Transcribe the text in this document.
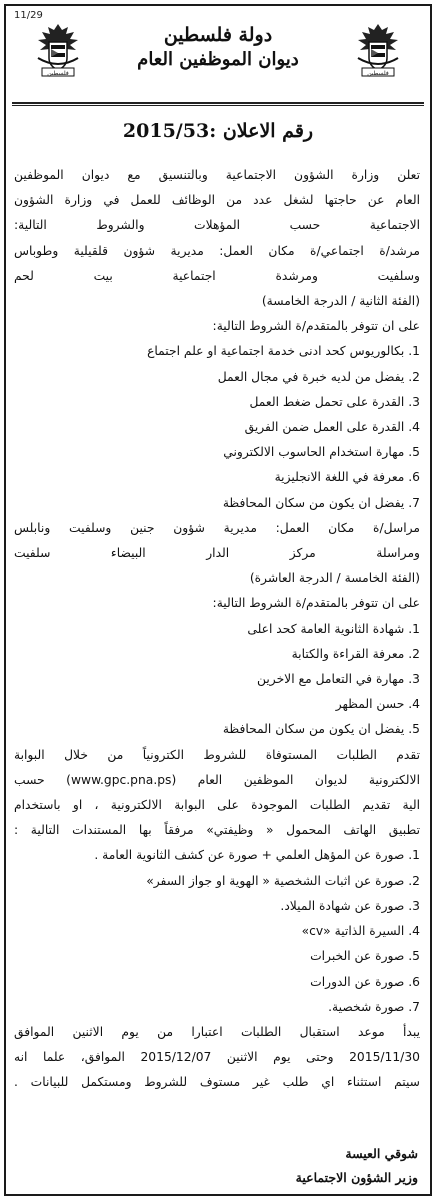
11/29
فلسطين	فلسطين
دولة فلسطين
ديوان الموظفين العام
رقم الاعلان :2015/53

تعلن وزارة الشؤون الاجتماعية وبالتنسيق مع ديوان الموظفين

العام عن حاجتها لشغل عدد من الوظائف للعمل في وزارة الشؤون

الاجتماعية حسب المؤهلات والشروط التالية:

مرشد/ة اجتماعي/ة مكان العمل: مديرية شؤون قلقيلية وطوباس

وسلفيت ومرشدة اجتماعية بيت لحم

(الفئة الثانية / الدرجة الخامسة)

على ان تتوفر بالمتقدم/ة الشروط التالية:

1. بكالوريوس كحد ادنى خدمة اجتماعية او علم اجتماع

2. يفضل من لديه خبرة في مجال العمل

3. القدرة على تحمل ضغط العمل

4. القدرة على العمل ضمن الفريق

5. مهارة استخدام الحاسوب الالكتروني

6. معرفة في اللغة الانجليزية

7. يفضل ان يكون من سكان المحافظة

مراسل/ة مكان العمل: مديرية شؤون جنين وسلفيت ونابلس

ومراسلة مركز الدار البيضاء سلفيت

(الفئة الخامسة / الدرجة العاشرة)

على ان تتوفر بالمتقدم/ة الشروط التالية:

1. شهادة الثانوية العامة كحد اعلى

2. معرفة القراءة والكتابة

3. مهارة في التعامل مع الاخرين

4. حسن المظهر

5. يفضل ان يكون من سكان المحافظة

تقدم الطلبات المستوفاة للشروط الكترونياً من خلال البوابة

الالكترونية لديوان الموظفين العام (www.gpc.pna.ps) حسب

الية تقديم الطلبات الموجودة على البوابة الالكترونية ، او باستخدام

تطبيق الهاتف المحمول « وظيفتي» مرفقاً بها المستندات التالية :

1. صورة عن المؤهل العلمي + صورة عن كشف الثانوية العامة .

2. صورة عن اثبات الشخصية « الهوية او جواز السفر»

3. صورة عن شهادة الميلاد.

4. السيرة الذاتية «cv»

5. صورة عن الخبرات

6. صورة عن الدورات

7. صورة شخصية.

يبدأ موعد استقبال الطلبات اعتبارا من يوم الاثنين الموافق

2015/11/30 وحتى يوم الاثنين 2015/12/07 الموافق، علما انه

سيتم استثناء اي طلب غير مستوف للشروط ومستكمل للبيانات .

شوقي العيسة
وزير الشؤون الاجتماعية
